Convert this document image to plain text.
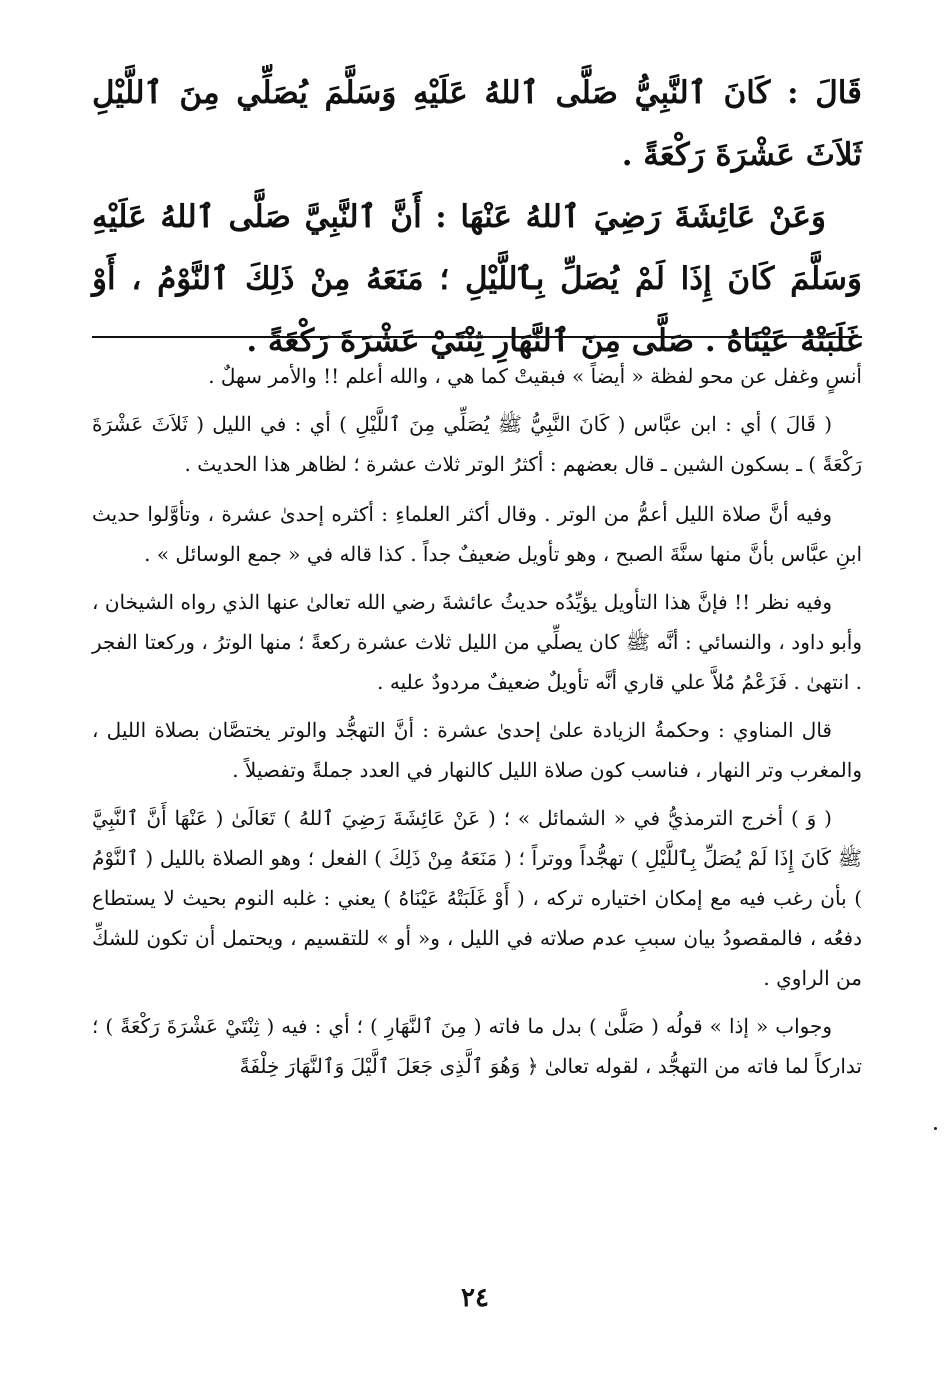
قَالَ : كَانَ ٱلنَّبِيُّ صَلَّى ٱللهُ عَلَيْهِ وَسَلَّمَ يُصَلِّي مِنَ ٱللَّيْلِ ثَلاَثَ عَشْرَةَ رَكْعَةً .

وَعَنْ عَائِشَةَ رَضِيَ ٱللهُ عَنْهَا : أَنَّ ٱلنَّبِيَّ صَلَّى ٱللهُ عَلَيْهِ وَسَلَّمَ كَانَ إِذَا لَمْ يُصَلِّ بِٱللَّيْلِ ؛ مَنَعَهُ مِنْ ذَلِكَ ٱلنَّوْمُ ، أَوْ غَلَبَتْهُ عَيْنَاهُ . صَلَّى مِنَ ٱلنَّهَارِ ثِنْتَيْ عَشْرَةَ رَكْعَةً .

أنسٍ وغفل عن محو لفظة « أيضاً » فبقيتْ كما هي ، والله أعلم !! والأمر سهلٌ .

( قَالَ ) أي : ابن عبَّاس ( كَانَ النَّبِيُّ ﷺ يُصَلِّي مِنَ ٱللَّيْلِ ) أي : في الليل ( ثَلاَثَ عَشْرَةَ رَكْعَةً ) ـ بسكون الشين ـ قال بعضهم : أكثرُ الوتر ثلاث عشرة ؛ لظاهر هذا الحديث .

وفيه أنَّ صلاة الليل أعمُّ من الوتر . وقال أكثر العلماءِ : أكثره إحدىٰ عشرة ، وتأوَّلوا حديث ابنِ عبَّاس بأنَّ منها سنَّةَ الصبح ، وهو تأويل ضعيفٌ جداً . كذا قاله في « جمع الوسائل » .

وفيه نظر !! فإنَّ هذا التأويل يؤيِّدُه حديثُ عائشةَ رضي الله تعالىٰ عنها الذي رواه الشيخان ، وأبو داود ، والنسائي : أنَّه ﷺ كان يصلِّي من الليل ثلاث عشرة ركعةً ؛ منها الوترُ ، وركعتا الفجر . انتهىٰ . فَزَعْمُ مُلاَّ علي قاري أنَّه تأويلٌ ضعيفٌ مردودٌ عليه .

قال المناوي : وحكمةُ الزيادة علىٰ إحدىٰ عشرة : أنَّ التهجُّد والوتر يختصَّان بصلاة الليل ، والمغرب وتر النهار ، فناسب كون صلاة الليل كالنهار في العدد جملةً وتفصيلاً .

( وَ ) أخرج الترمذيُّ في « الشمائل » ؛ ( عَنْ عَائِشَةَ رَضِيَ ٱللهُ ) تَعَالَىٰ ( عَنْهَا أَنَّ ٱلنَّبِيَّ ﷺ كَانَ إِذَا لَمْ يُصَلِّ بِٱللَّيْلِ ) تهجُّداً ووتراً ؛ ( مَنَعَهُ مِنْ ذَلِكَ ) الفعل ؛ وهو الصلاة بالليل ( ٱلنَّوْمُ ) بأن رغب فيه مع إمكان اختياره تركه ، ( أَوْ غَلَبَتْهُ عَيْنَاهُ ) يعني : غلبه النوم بحيث لا يستطاع دفعُه ، فالمقصودُ بيان سببِ عدم صلاته في الليل ، و« أو » للتقسيم ، ويحتمل أن تكون للشكِّ من الراوي .

وجواب « إذا » قولُه ( صَلَّىٰ ) بدل ما فاته ( مِنَ ٱلنَّهَارِ ) ؛ أي : فيه ( ثِنْتَيْ عَشْرَةَ رَكْعَةً ) ؛ تداركاً لما فاته من التهجُّد ، لقوله تعالىٰ ﴿ وَهُوَ ٱلَّذِى جَعَلَ ٱلَّيْلَ وَٱلنَّهَارَ خِلْفَةً

٢٤
